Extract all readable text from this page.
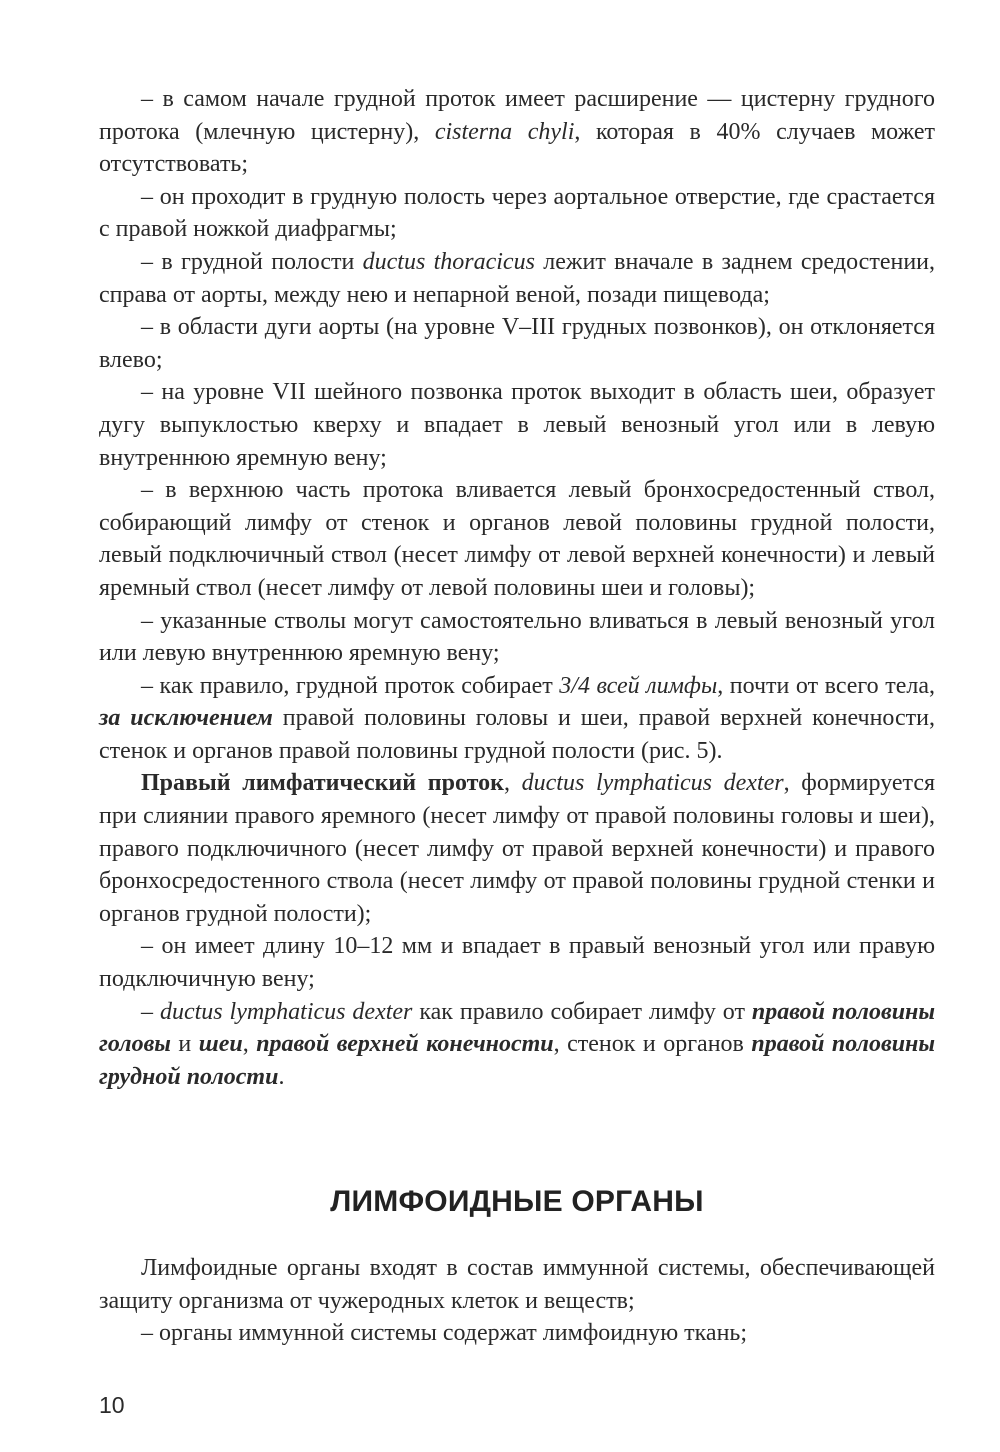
– в самом начале грудной проток имеет расширение — цистерну грудного протока (млечную цистерну), cisterna chyli, которая в 40% случаев может отсутствовать;

– он проходит в грудную полость через аортальное отверстие, где срастается с правой ножкой диафрагмы;

– в грудной полости ductus thoracicus лежит вначале в заднем средостении, справа от аорты, между нею и непарной веной, позади пищевода;

– в области дуги аорты (на уровне V–III грудных позвонков), он отклоняется влево;

– на уровне VII шейного позвонка проток выходит в область шеи, образует дугу выпуклостью кверху и впадает в левый венозный угол или в левую внутреннюю яремную вену;

– в верхнюю часть протока вливается левый бронхосредостенный ствол, собирающий лимфу от стенок и органов левой половины грудной полости, левый подключичный ствол (несет лимфу от левой верхней конечности) и левый яремный ствол (несет лимфу от левой половины шеи и головы);

– указанные стволы могут самостоятельно вливаться в левый венозный угол или левую внутреннюю яремную вену;

– как правило, грудной проток собирает 3/4 всей лимфы, почти от всего тела, за исключением правой половины головы и шеи, правой верхней конечности, стенок и органов правой половины грудной полости (рис. 5).

Правый лимфатический проток, ductus lymphaticus dexter, формируется при слиянии правого яремного (несет лимфу от правой половины головы и шеи), правого подключичного (несет лимфу от правой верхней конечности) и правого бронхосредостенного ствола (несет лимфу от правой половины грудной стенки и органов грудной полости);

– он имеет длину 10–12 мм и впадает в правый венозный угол или правую подключичную вену;

– ductus lymphaticus dexter как правило собирает лимфу от правой половины головы и шеи, правой верхней конечности, стенок и органов правой половины грудной полости.

ЛИМФОИДНЫЕ ОРГАНЫ

Лимфоидные органы входят в состав иммунной системы, обеспечивающей защиту организма от чужеродных клеток и веществ;

– органы иммунной системы содержат лимфоидную ткань;

10
